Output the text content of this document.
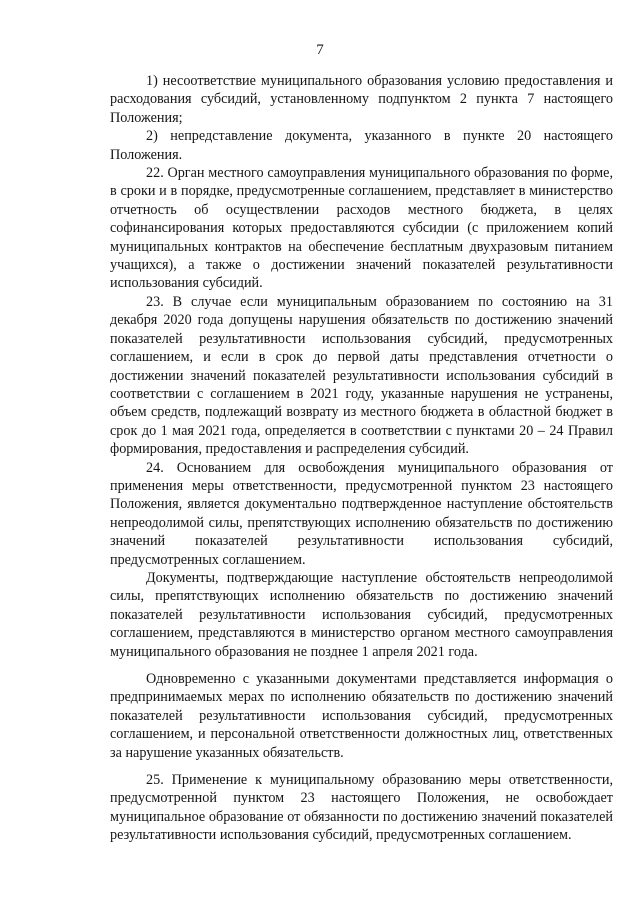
7

1) несоответствие муниципального образования условию предоставления и расходования субсидий, установленному подпунктом 2 пункта 7 настоящего Положения;

2) непредставление документа, указанного в пункте 20 настоящего Положения.

22. Орган местного самоуправления муниципального образования по форме, в сроки и в порядке, предусмотренные соглашением, представляет в министерство отчетность об осуществлении расходов местного бюджета, в целях софинансирования которых предоставляются субсидии (с приложением копий муниципальных контрактов на обеспечение бесплатным двухразовым питанием учащихся), а также о достижении значений показателей результативности использования субсидий.

23. В случае если муниципальным образованием по состоянию на 31 декабря 2020 года допущены нарушения обязательств по достижению значений показателей результативности использования субсидий, предусмотренных соглашением, и если в срок до первой даты представления отчетности о достижении значений показателей результативности использования субсидий в соответствии с соглашением в 2021 году, указанные нарушения не устранены, объем средств, подлежащий возврату из местного бюджета в областной бюджет в срок до 1 мая 2021 года, определяется в соответствии с пунктами 20 – 24 Правил формирования, предоставления и распределения субсидий.

24. Основанием для освобождения муниципального образования от применения меры ответственности, предусмотренной пунктом 23 настоящего Положения, является документально подтвержденное наступление обстоятельств непреодолимой силы, препятствующих исполнению обязательств по достижению значений показателей результативности использования субсидий, предусмотренных соглашением.

Документы, подтверждающие наступление обстоятельств непреодолимой силы, препятствующих исполнению обязательств по достижению значений показателей результативности использования субсидий, предусмотренных соглашением, представляются в министерство органом местного самоуправления муниципального образования не позднее 1 апреля 2021 года.

Одновременно с указанными документами представляется информация о предпринимаемых мерах по исполнению обязательств по достижению значений показателей результативности использования субсидий, предусмотренных соглашением, и персональной ответственности должностных лиц, ответственных за нарушение указанных обязательств.

25. Применение к муниципальному образованию меры ответственности, предусмотренной пунктом 23 настоящего Положения, не освобождает муниципальное образование от обязанности по достижению значений показателей результативности использования субсидий, предусмотренных соглашением.
